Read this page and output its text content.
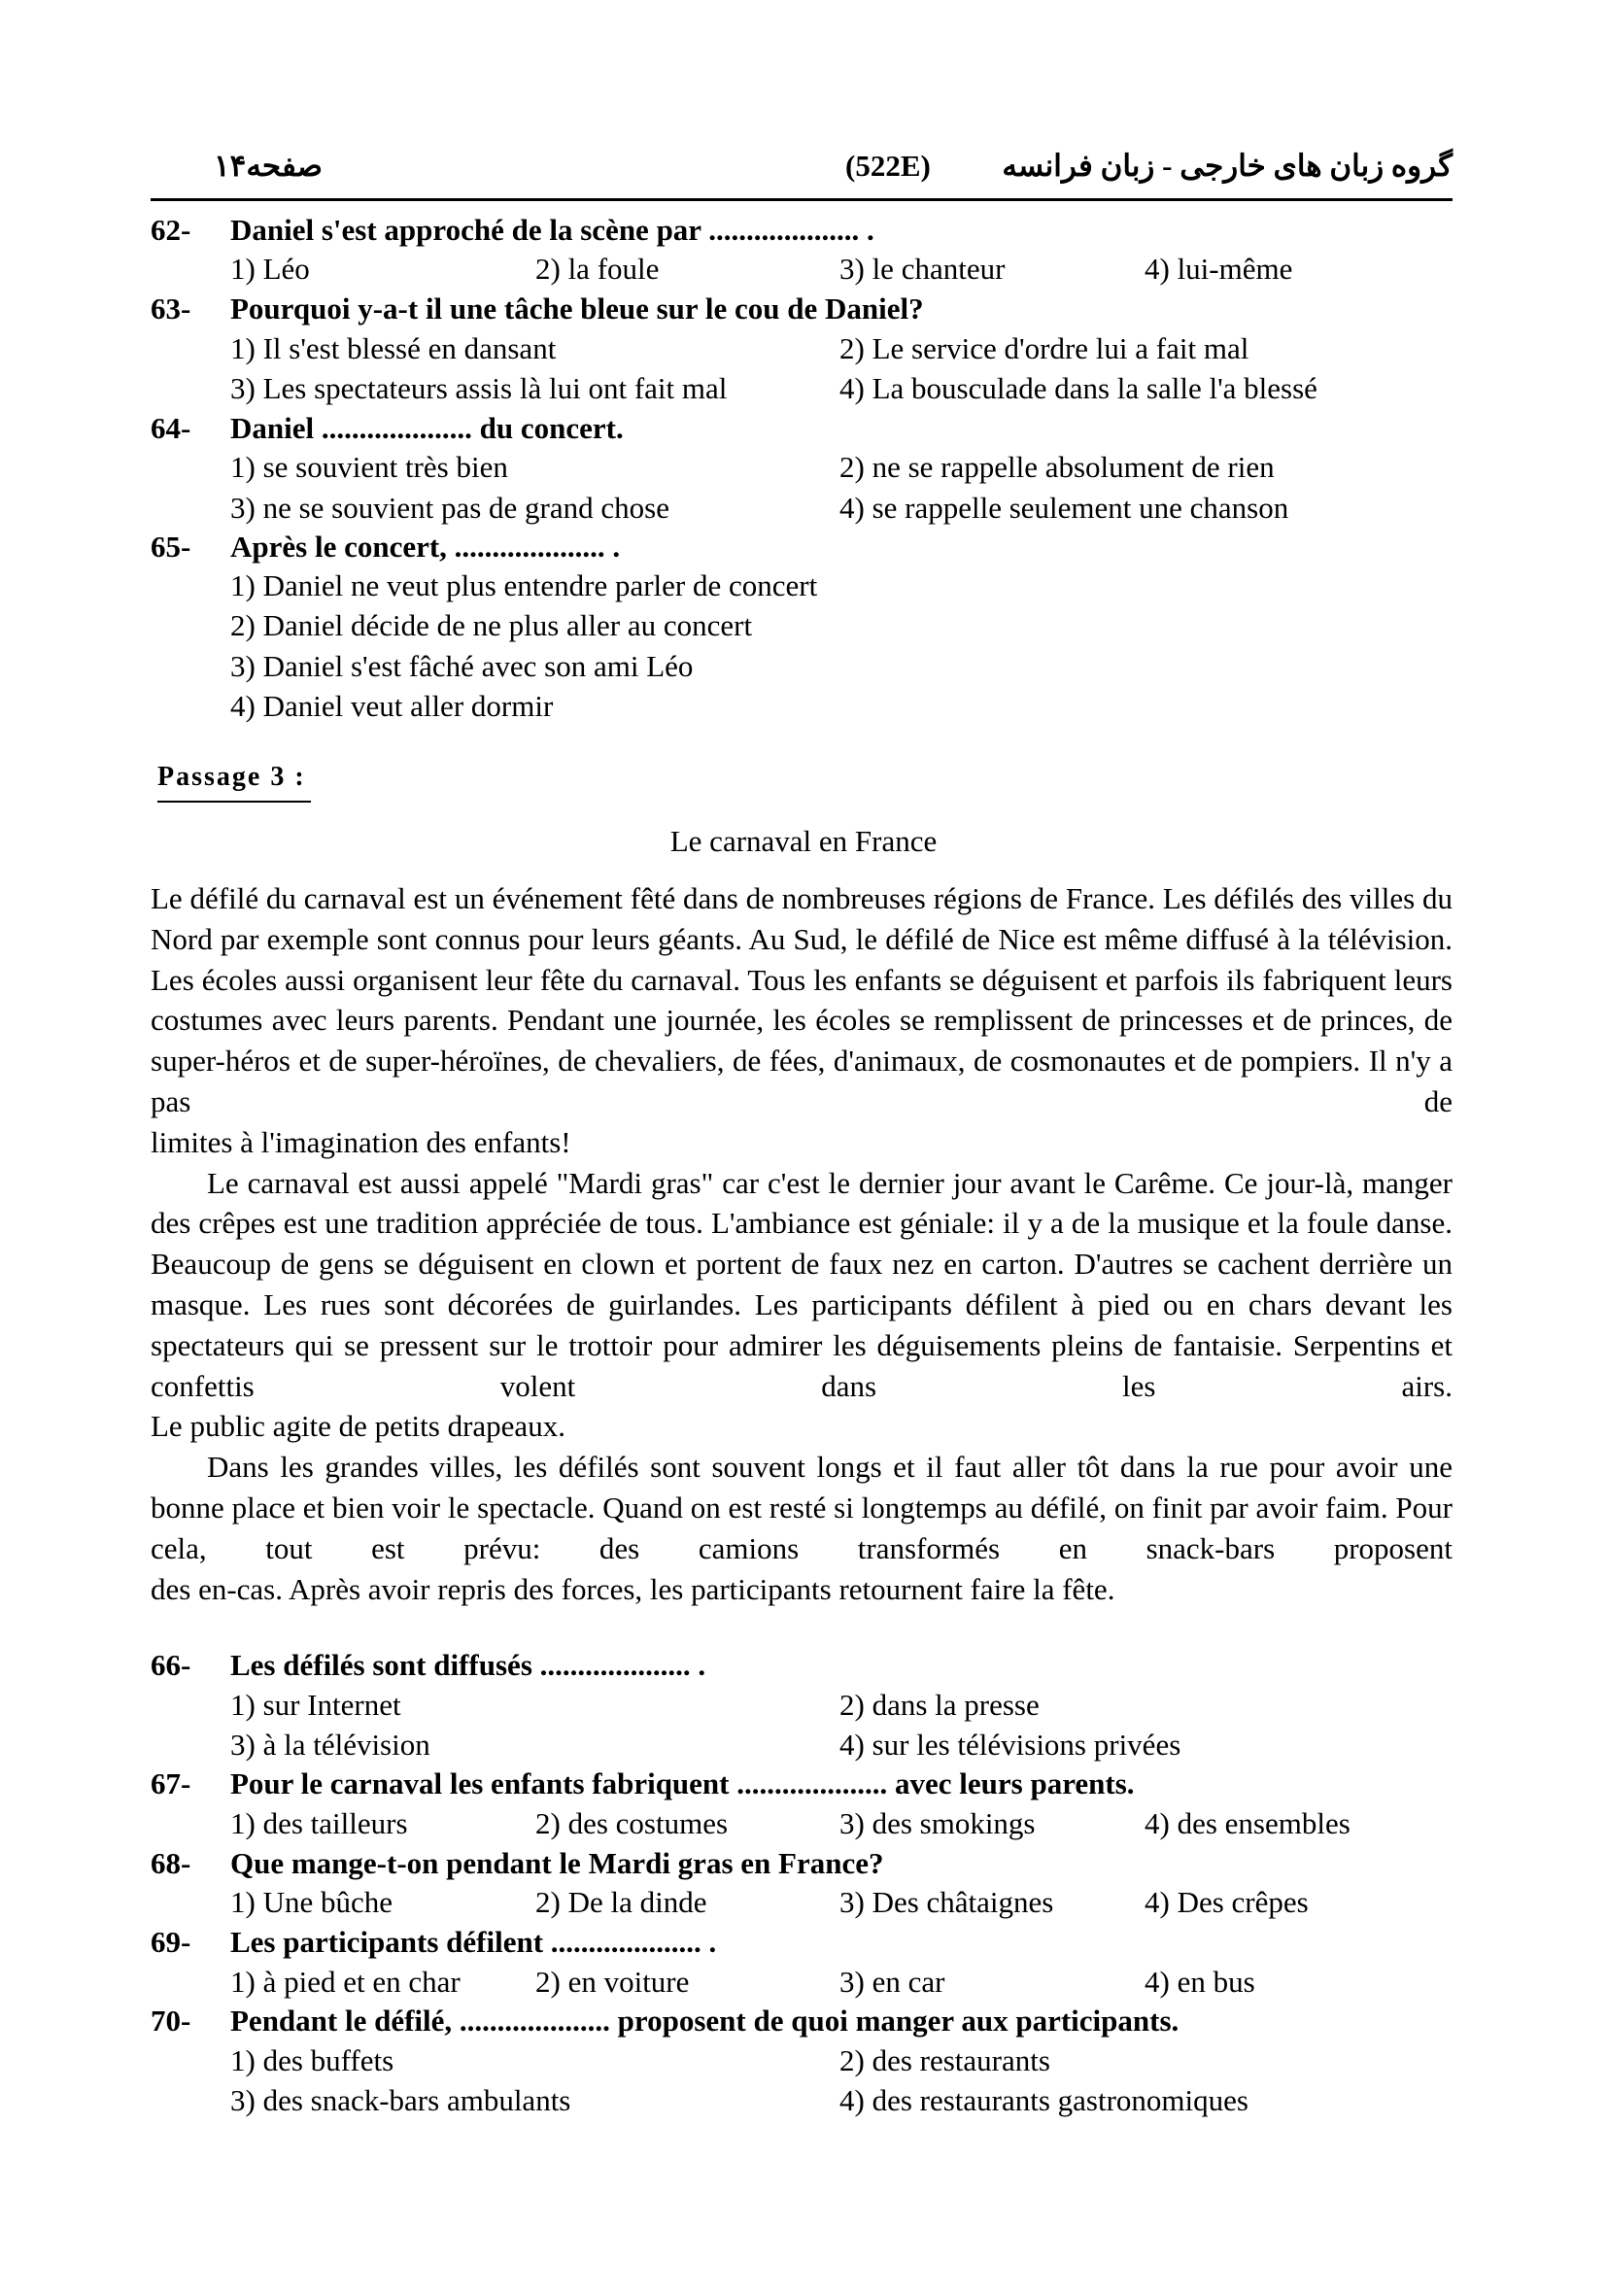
صفحه۱۴	(522E) گروه زبان های خارجی - زبان فرانسه
62- Daniel s'est approché de la scène par .................... .
1) Léo	2) la foule	3) le chanteur	4) lui-même
63- Pourquoi y-a-t il une tâche bleue sur le cou de Daniel?
1) Il s'est blessé en dansant	2) Le service d'ordre lui a fait mal
3) Les spectateurs assis là lui ont fait mal	4) La bousculade dans la salle l'a blessé
64- Daniel .................... du concert.
1) se souvient très bien	2) ne se rappelle absolument de rien
3) ne se souvient pas de grand chose	4) se rappelle seulement une chanson
65- Après le concert, .................... .
1) Daniel ne veut plus entendre parler de concert
2) Daniel décide de ne plus aller au concert
3) Daniel s'est fâché avec son ami Léo
4) Daniel veut aller dormir
Passage 3 :
Le carnaval en France

Le défilé du carnaval est un événement fêté dans de nombreuses régions de France. Les défilés des villes du Nord par exemple sont connus pour leurs géants. Au Sud, le défilé de Nice est même diffusé à la télévision. Les écoles aussi organisent leur fête du carnaval. Tous les enfants se déguisent et parfois ils fabriquent leurs costumes avec leurs parents. Pendant une journée, les écoles se remplissent de princesses et de princes, de super-héros et de super-héroïnes, de chevaliers, de fées, d'animaux, de cosmonautes et de pompiers. Il n'y a pas de
limites à l'imagination des enfants!

Le carnaval est aussi appelé "Mardi gras" car c'est le dernier jour avant le Carême. Ce jour-là, manger des crêpes est une tradition appréciée de tous. L'ambiance est géniale: il y a de la musique et la foule danse. Beaucoup de gens se déguisent en clown et portent de faux nez en carton. D'autres se cachent derrière un masque. Les rues sont décorées de guirlandes. Les participants défilent à pied ou en chars devant les spectateurs qui se pressent sur le trottoir pour admirer les déguisements pleins de fantaisie. Serpentins et confettis volent dans les airs.
Le public agite de petits drapeaux.

Dans les grandes villes, les défilés sont souvent longs et il faut aller tôt dans la rue pour avoir une bonne place et bien voir le spectacle. Quand on est resté si longtemps au défilé, on finit par avoir faim. Pour cela, tout est prévu: des camions transformés en snack-bars proposent
des en-cas. Après avoir repris des forces, les participants retournent faire la fête.

66- Les défilés sont diffusés .................... .
1) sur Internet	2) dans la presse
3) à la télévision	4) sur les télévisions privées
67- Pour le carnaval les enfants fabriquent .................... avec leurs parents.
1) des tailleurs	2) des costumes	3) des smokings	4) des ensembles
68- Que mange-t-on pendant le Mardi gras en France?
1) Une bûche	2) De la dinde	3) Des châtaignes	4) Des crêpes
69- Les participants défilent .................... .
1) à pied et en char 2) en voiture	3) en car	4) en bus
70- Pendant le défilé, .................... proposent de quoi manger aux participants.
1) des buffets	2) des restaurants
3) des snack-bars ambulants	4) des restaurants gastronomiques
